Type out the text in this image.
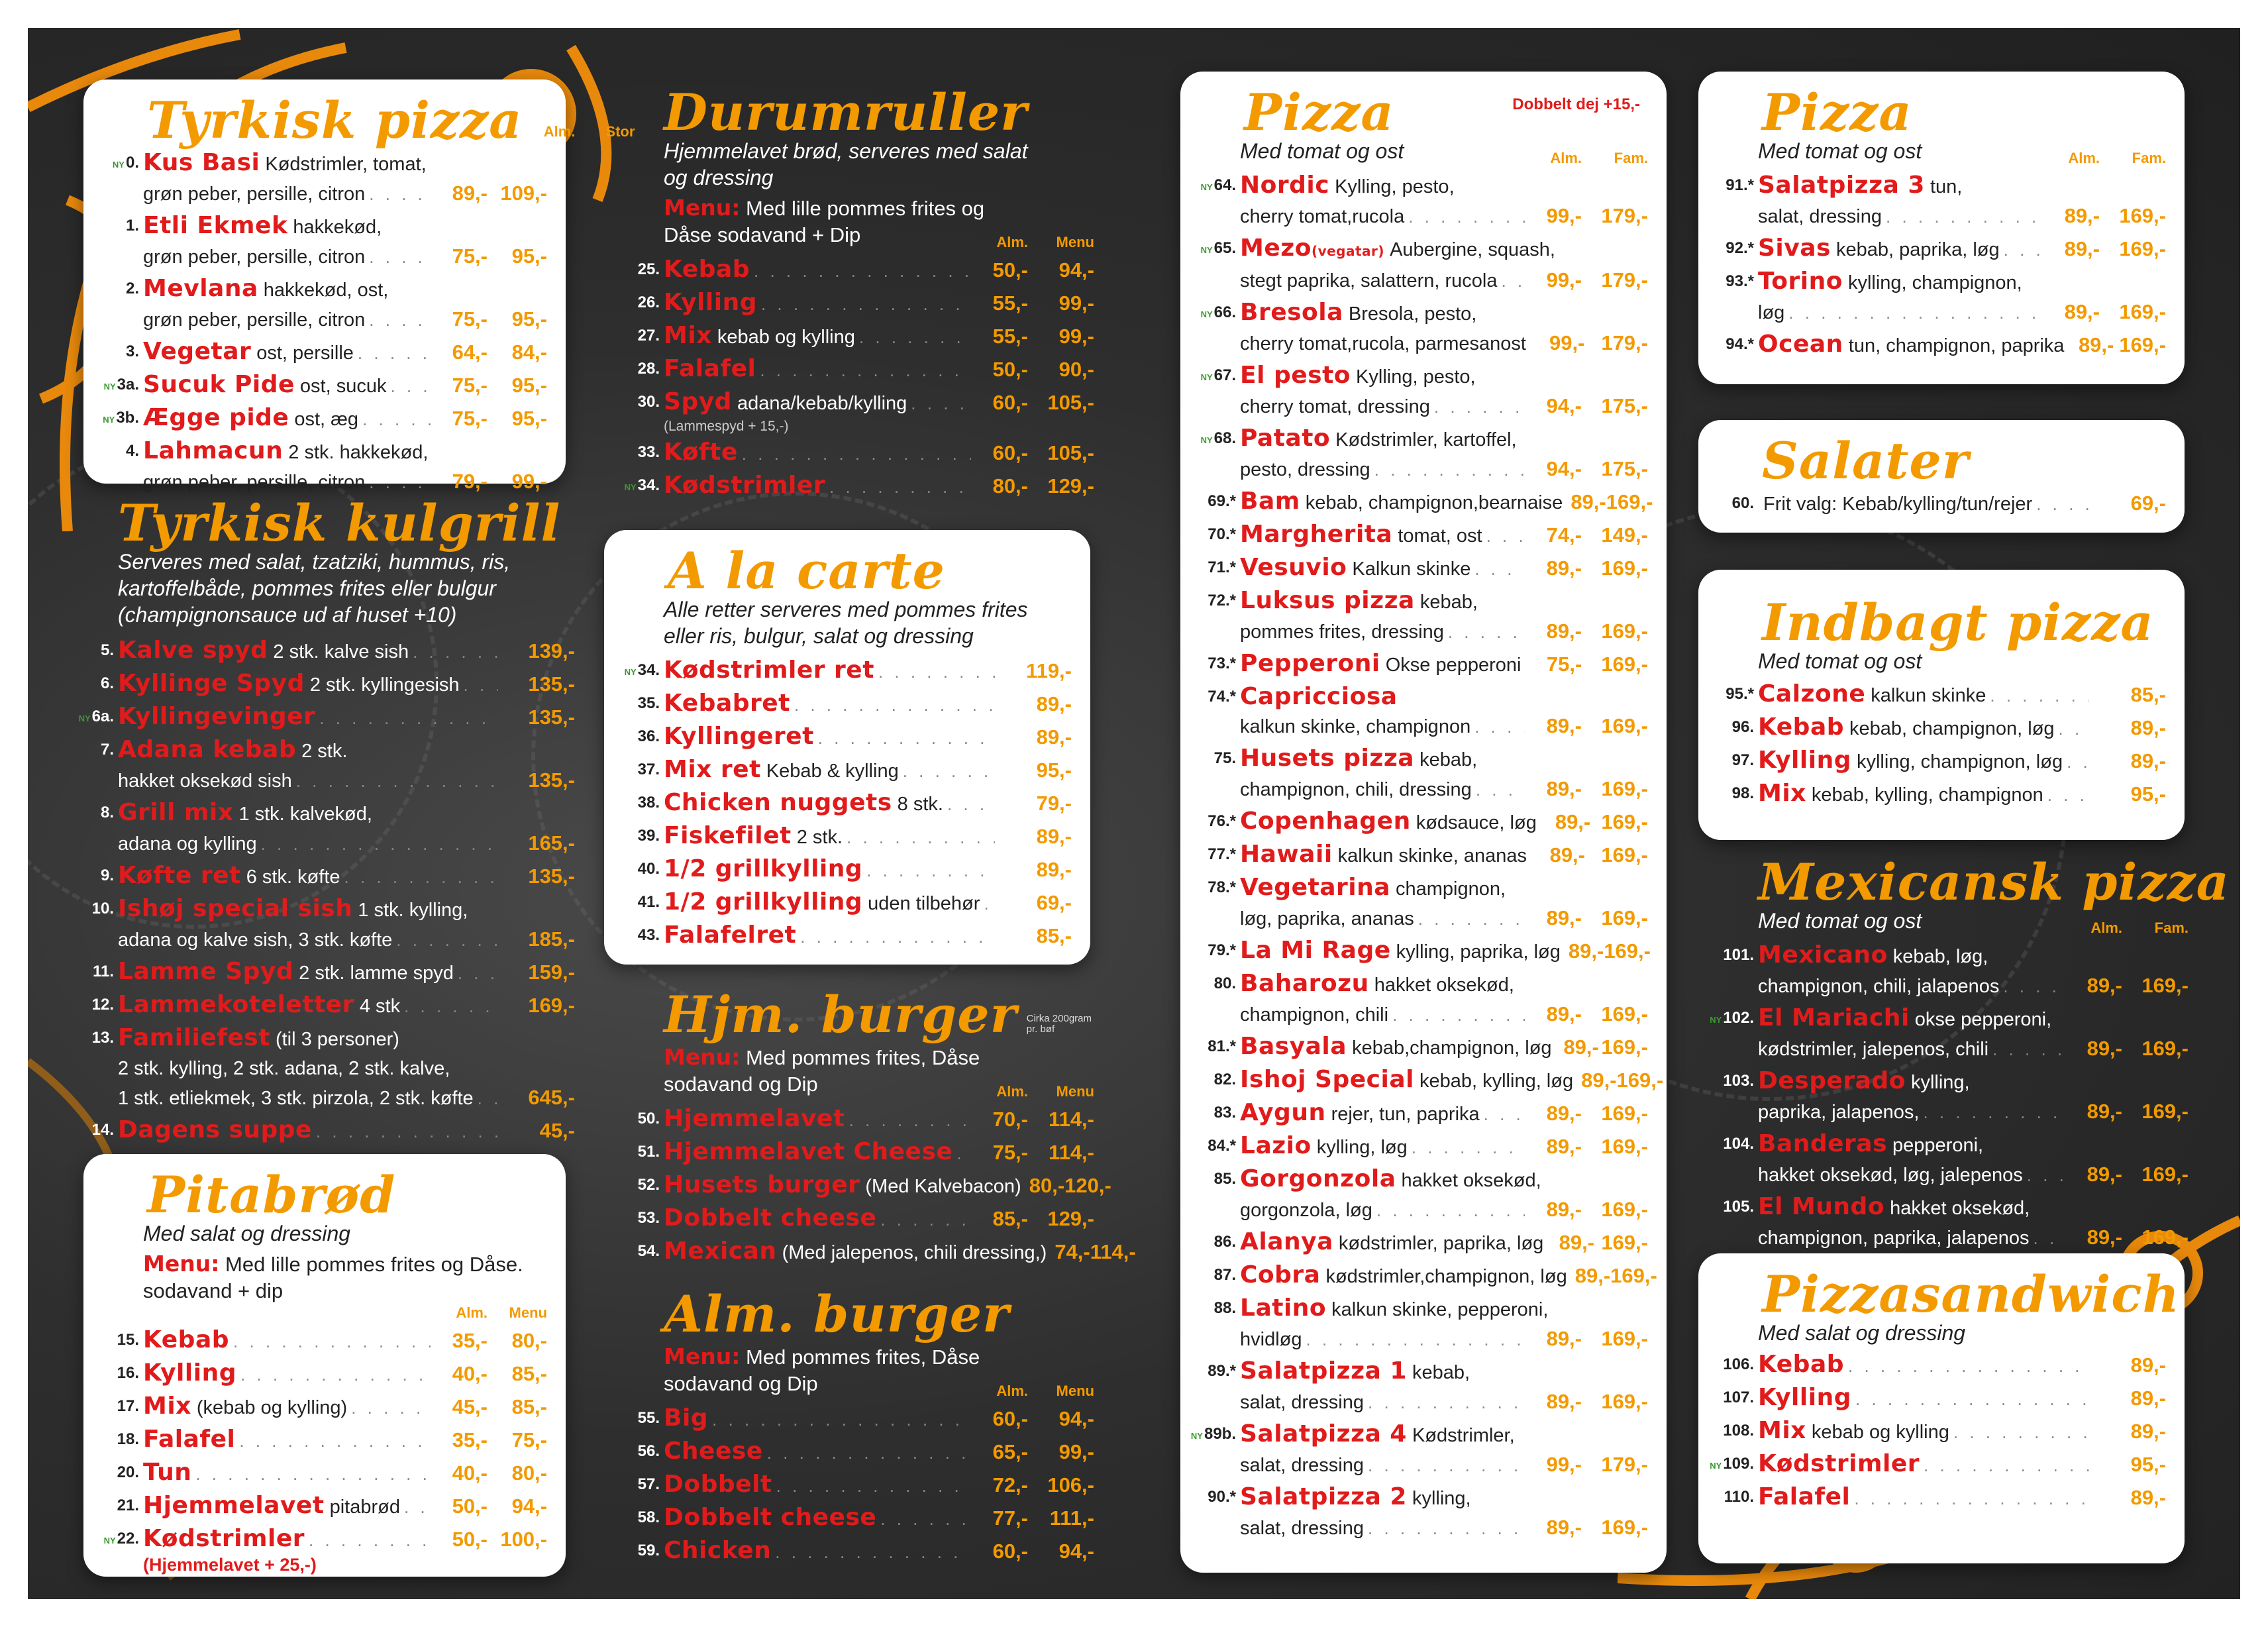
Tyrkisk pizza	Alm. Stor
NY0. Kus Basi Kødstrimler, tomat,
grøn peber, persille, citron . . .	89,- 109,-
1. Etli Ekmek hakkekød,
grøn peber, persille, citron . . .	75,-	95,-
2. Mevlana hakkekød, ost,
grøn peber, persille, citron . . .	75,-	95,-
3. Vegetar ost, persille . . .	64,-	84,-
NY3a. Sucuk Pide ost, sucuk . . .	75,-	95,-
NY3b. Ægge pide ost, æg . . .	75,-	95,-
4. Lahmacun 2 stk. hakkekød,
grøn peber, persille, citron . . .	79,-	99,-
Tyrkisk kulgrill
Serveres med salat, tzatziki, hummus, ris, kartoffelbåde, pommes frites eller bulgur (champignonsauce ud af huset +10)
5. Kalve spyd 2 stk. kalve sish . . .	139,-
6. Kyllinge Spyd 2 stk. kyllingesish . . .	135,-
NY6a. Kyllingevinger . . .	135,-
7. Adana kebab 2 stk.
hakket oksekød sish . . .	135,-
8. Grill mix 1 stk. kalvekød,
adana og kylling . . .	165,-
9. Køfte ret 6 stk. køfte . . .	135,-
10. Ishøj special sish 1 stk. kylling,
adana og kalve sish, 3 stk. køfte . . .	185,-
11. Lamme Spyd 2 stk. lamme spyd . . .	159,-
12. Lammekoteletter 4 stk . . .	169,-
13. Familiefest (til 3 personer)
2 stk. kylling, 2 stk. adana, 2 stk. kalve,
1 stk. etliekmek, 3 stk. pirzola, 2 stk. køfte . . .	645,-
14. Dagens suppe . . .	45,-
Pitabrød
Med salat og dressing
Menu: Med lille pommes frites og Dåse. sodavand + dip
Alm. Menu
15. Kebab . . .	35,-	80,-
16. Kylling . . .	40,-	85,-
17. Mix (kebab og kylling) . . .	45,-	85,-
18. Falafel . . .	35,-	75,-
20. Tun . . .	40,-	80,-
21. Hjemmelavet pitabrød . . .	50,-	94,-
NY22. Kødstrimler . . .	50,- 100,-
(Hjemmelavet + 25,-)
Durumruller
Hjemmelavet brød, serveres med salat og dressing
Menu: Med lille pommes frites og Dåse sodavand + Dip	Alm. Menu
25. Kebab . . .	50,-	94,-
26. Kylling . . .	55,-	99,-
27. Mix kebab og kylling . . .	55,-	99,-
28. Falafel . . .	50,-	90,-
30. Spyd adana/kebab/kylling . . .	60,- 105,-
(Lammespyd + 15,-)
33. Køfte . . .	60,- 105,-
NY34. Kødstrimler . . .	80,- 129,-
A la carte
Alle retter serveres med pommes frites eller ris, bulgur, salat og dressing
NY34. Kødstrimler ret . . .	119,-
35. Kebabret . . .	89,-
36. Kyllingeret . . .	89,-
37. Mix ret Kebab & kylling . . .	95,-
38. Chicken nuggets 8 stk. . . .	79,-
39. Fiskefilet 2 stk. . . .	89,-
40. 1/2 grillkylling . . .	89,-
41. 1/2 grillkylling uden tilbehør . . .	69,-
43. Falafelret . . .	85,-
Hjm. burger Cirka 200gram pr. bøf
Menu: Med pommes frites, Dåse sodavand og Dip	Alm. Menu
50. Hjemmelavet . . .	70,-	114,-
51. Hjemmelavet Cheese . . .	75,-	114,-
52. Husets burger (Med Kalvebacon) 80,- 120,-
53. Dobbelt cheese . . .	85,- 129,-
54. Mexican (Med jalepenos, chili dressing,) 74,- 114,-
Alm. burger
Menu: Med pommes frites, Dåse sodavand og Dip	Alm. Menu
55. Big . . .	60,-	94,-
56. Cheese . . .	65,-	99,-
57. Dobbelt . . .	72,- 106,-
58. Dobbelt cheese . . .	77,-	111,-
59. Chicken . . .	60,-	94,-
Dobbelt dej +15,-
Pizza
Med tomat og ost	Alm. Fam.
NY64. Nordic Kylling, pesto,
cherry tomat,rucola . . .	99,- 179,-
NY65. Mezo (vegatar) Aubergine, squash,
stegt paprika, salattern, rucola . . .	99,- 179,-
NY66. Bresola Bresola, pesto,
cherry tomat,rucola, parmesanost	99,- 179,-
NY67. El pesto Kylling, pesto,
cherry tomat, dressing . . .	94,- 175,-
NY68. Patato Kødstrimler, kartoffel,
pesto, dressing . . .	94,- 175,-
69.* Bam kebab, champignon,bearnaise 89,- 169,-
70.* Margherita tomat, ost . . .	74,- 149,-
71.* Vesuvio Kalkun skinke . . .	89,- 169,-
72.* Luksus pizza kebab,
pommes frites, dressing . . .	89,- 169,-
73.* Pepperoni Okse pepperoni	75,- 169,-
74.* Capricciosa
kalkun skinke, champignon . . .	89,- 169,-
75. Husets pizza kebab,
champignon, chili, dressing . . .	89,- 169,-
76.* Copenhagen kødsauce, løg 89,- 169,-
77.* Hawaii kalkun skinke, ananas	89,- 169,-
78.* Vegetarina champignon,
løg, paprika, ananas . . .	89,- 169,-
79.* La Mi Rage kylling, paprika, løg 89,- 169,-
80. Baharozu hakket oksekød,
champignon, chili . . .	89,- 169,-
81.* Basyala kebab,champignon, løg 89,- 169,-
82. Ishoj Special kebab, kylling, løg 89,- 169,-
83. Aygun rejer, tun, paprika . . .	89,- 169,-
84.* Lazio kylling, løg . . .	89,- 169,-
85. Gorgonzola hakket oksekød,
gorgonzola, løg . . .	89,- 169,-
86. Alanya kødstrimler, paprika, løg 89,- 169,-
87. Cobra kødstrimler,champignon, løg 89,- 169,-
88. Latino kalkun skinke, pepperoni,
hvidløg . . .	89,- 169,-
89.* Salatpizza 1 kebab,
salat, dressing . . .	89,- 169,-
NY89b. Salatpizza 4 Kødstrimler,
salat, dressing . . .	99,- 179,-
90.* Salatpizza 2 kylling,
salat, dressing . . .	89,- 169,-
Pizza
Med tomat og ost	Alm. Fam.
91.* Salatpizza 3 tun,
salat, dressing . . .	89,- 169,-
92.* Sivas kebab, paprika, løg . . .	89,- 169,-
93.* Torino kylling, champignon,
løg . . .	89,- 169,-
94.* Ocean tun, champignon, paprika 89,- 169,-
Salater
60. Frit valg: Kebab/kylling/tun/rejer . . .	69,-
Indbagt pizza
Med tomat og ost
95.* Calzone kalkun skinke . . .	85,-
96. Kebab kebab, champignon, løg . . .	89,-
97. Kylling kylling, champignon, løg . . .	89,-
98. Mix kebab, kylling, champignon . . .	95,-
Mexicansk pizza
Med tomat og ost	Alm. Fam.
101. Mexicano kebab, løg,
champignon, chili, jalapenos . . .	89,- 169,-
NY102. El Mariachi okse pepperoni,
kødstrimler, jalepenos, chili . . .	89,- 169,-
103. Desperado kylling,
paprika, jalapenos, . . .	89,- 169,-
104. Banderas pepperoni,
hakket oksekød, løg, jalepenos . . .	89,- 169,-
105. El Mundo hakket oksekød,
champignon, paprika, jalapenos . . .	89,- 169,-
Pizzasandwich
Med salat og dressing
106. Kebab . . .	89,-
107. Kylling . . .	89,-
108. Mix kebab og kylling . . .	89,-
NY109. Kødstrimler . . .	95,-
110. Falafel . . .	89,-
